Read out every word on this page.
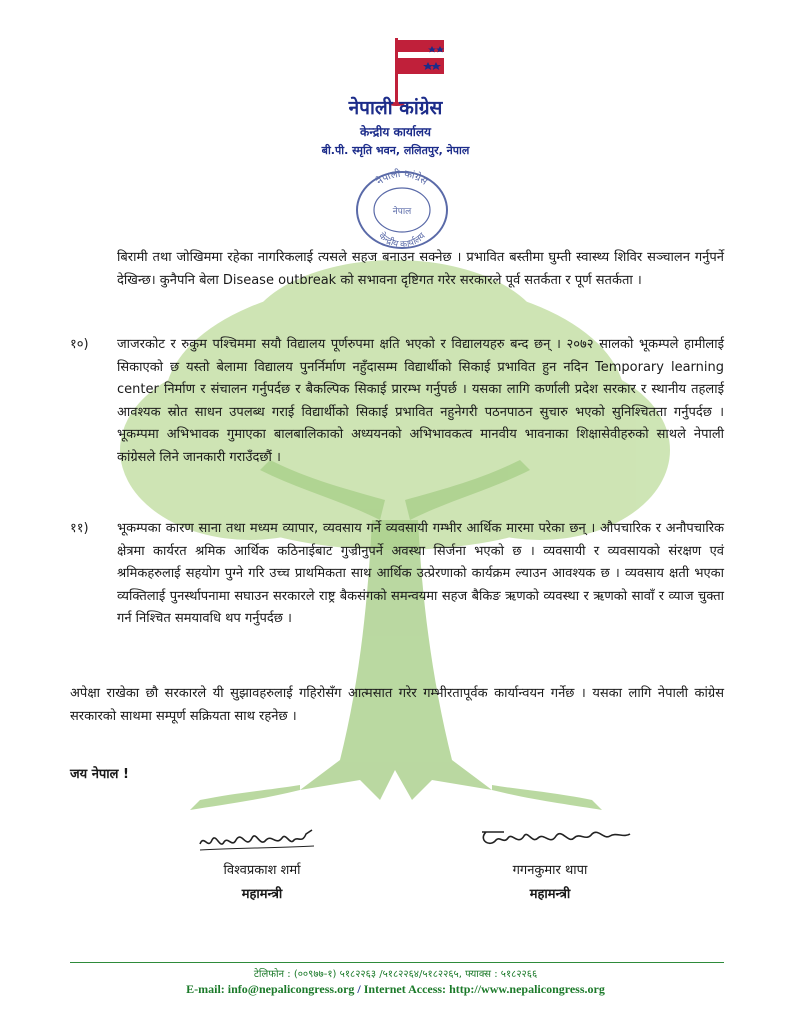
नेपाली कांग्रेस
केन्द्रीय कार्यालय
बी.पी. स्मृति भवन, ललितपुर, नेपाल
नेपाली कांग्रेस
नेपाल
केन्द्रीय कार्यालय
बिरामी तथा जोखिममा रहेका नागरिकलाई त्यसले सहज बनाउन सक्नेछ । प्रभावित बस्तीमा घुम्ती स्वास्थ्य शिविर सञ्चालन गर्नुपर्ने देखिन्छ। कुनैपनि बेला Disease outbreak को सभावना दृष्टिगत गरेर सरकारले पूर्व सतर्कता र पूर्ण सतर्कता ।
१०) जाजरकोट र रुकुम पश्चिममा सयौ विद्यालय पूर्णरुपमा क्षति भएको र विद्यालयहरु बन्द छन् । २०७२ सालको भूकम्पले हामीलाई सिकाएको छ यस्तो बेलामा विद्यालय पुनर्निर्माण नहुँदासम्म विद्यार्थीको सिकाई प्रभावित हुन नदिन Temporary learning center निर्माण र संचालन गर्नुपर्दछ र बैकल्पिक सिकाई प्रारम्भ गर्नुपर्छ । यसका लागि कर्णाली प्रदेश सरकार र स्थानीय तहलाई आवश्यक स्रोत साधन उपलब्ध गराई विद्यार्थीको सिकाई प्रभावित नहुनेगरी पठनपाठन सुचारु भएको सुनिश्चितता गर्नुपर्दछ । भूकम्पमा अभिभावक गुमाएका बालबालिकाको अध्ययनको अभिभावकत्व मानवीय भावनाका शिक्षासेवीहरुको साथले नेपाली कांग्रेसले लिने जानकारी गराउँदछौं ।
११) भूकम्पका कारण साना तथा मध्यम व्यापार, व्यवसाय गर्ने व्यवसायी गम्भीर आर्थिक मारमा परेका छन् । औपचारिक र अनौपचारिक क्षेत्रमा कार्यरत श्रमिक आर्थिक कठिनाईबाट गुज्रीनुपर्ने अवस्था सिर्जना भएको छ । व्यवसायी र व्यवसायको संरक्षण एवं श्रमिकहरुलाई सहयोग पुग्ने गरि उच्च प्राथमिकता साथ आर्थिक उत्प्रेरणाको कार्यक्रम ल्याउन आवश्यक छ । व्यवसाय क्षती भएका व्यक्तिलाई पुनर्स्थापनामा सघाउन सरकारले राष्ट्र बैकसंगको समन्वयमा सहज बैकिङ ऋणको व्यवस्था र ऋणको सावाँ र व्याज चुक्ता गर्न निश्चित समयावधि थप गर्नुपर्दछ ।
अपेक्षा राखेका छौ सरकारले यी सुझावहरुलाई गहिरोसँग आत्मसात गरेर गम्भीरतापूर्वक कार्यान्वयन गर्नेछ । यसका लागि नेपाली कांग्रेस सरकारको साथमा सम्पूर्ण सक्रियता साथ रहनेछ ।
जय नेपाल !
विश्वप्रकाश शर्मा
महामन्त्री
गगनकुमार थापा
महामन्त्री
टेलिफोन : (००९७७-१) ५१८२२६३ /५१८२२६४/५१८२२६५, फ्याक्स : ५१८२२६६
E-mail: info@nepalicongress.org / Internet Access: http://www.nepalicongress.org
